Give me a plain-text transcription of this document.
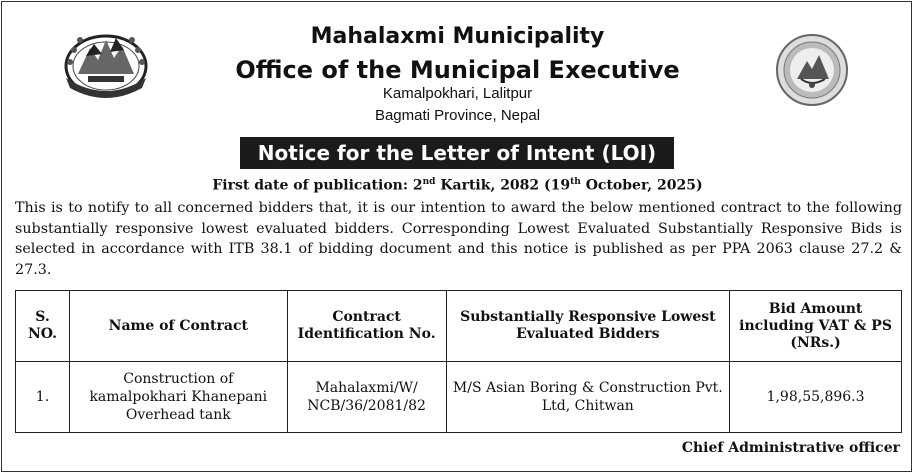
Mahalaxmi Municipality
Office of the Municipal Executive
Kamalpokhari, Lalitpur
Bagmati Province, Nepal
Notice for the Letter of Intent (LOI)
First date of publication: 2nd Kartik, 2082 (19th October, 2025)
This is to notify to all concerned bidders that, it is our intention to award the below mentioned contract to the following substantially responsive lowest evaluated bidders. Corresponding Lowest Evaluated Substantially Responsive Bids is selected in accordance with ITB 38.1 of bidding document and this notice is published as per PPA 2063 clause 27.2 & 27.3.
S. NO.	Name of Contract	Contract Identification No.	Substantially Responsive Lowest Evaluated Bidders	Bid Amount including VAT & PS (NRs.)
1.	Construction of kamalpokhari Khanepani Overhead tank	Mahalaxmi/W/ NCB/36/2081/82	M/S Asian Boring & Construction Pvt. Ltd, Chitwan	1,98,55,896.3
Chief Administrative officer
